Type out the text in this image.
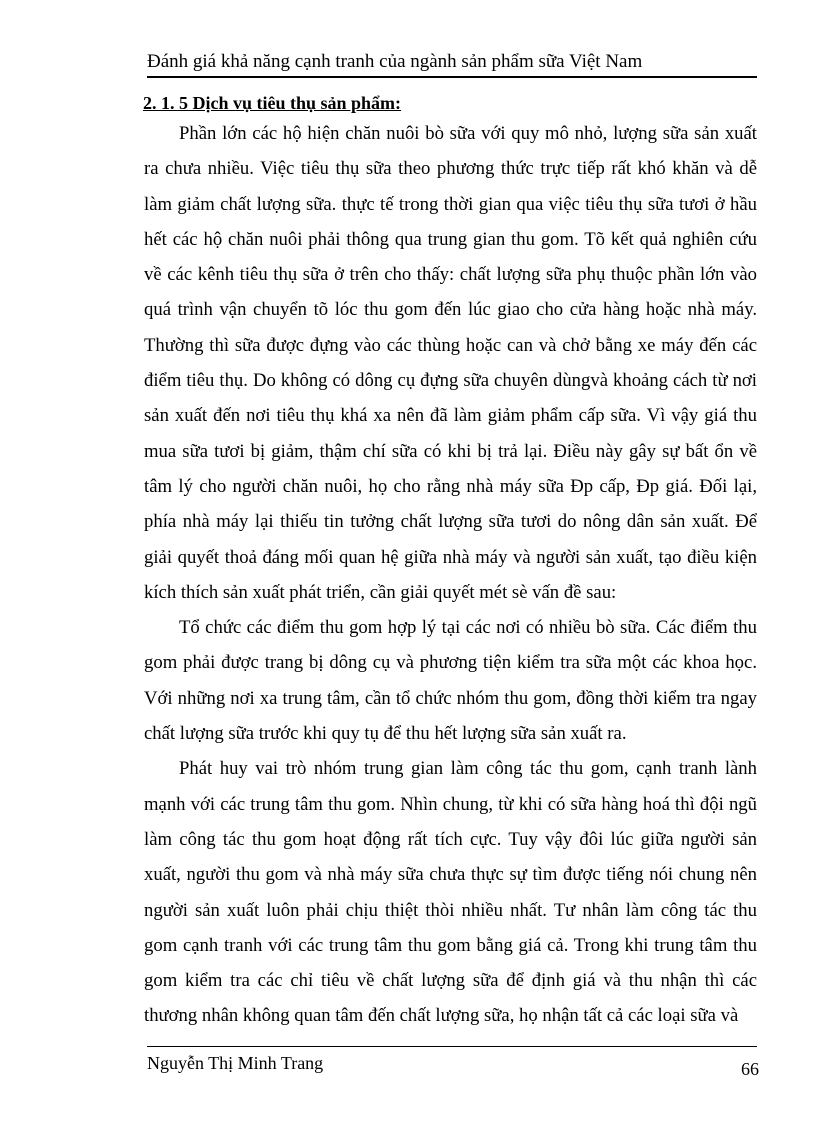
Đánh giá khả năng cạnh tranh của ngành sản phẩm sữa Việt Nam
2. 1. 5 Dịch vụ tiêu thụ sản phẩm:
Phần lớn các hộ hiện chăn nuôi bò sữa với quy mô nhỏ, lượng sữa sản xuất
ra chưa nhiều. Việc tiêu thụ sữa theo phương thức trực tiếp rất khó khăn và dễ
làm giảm chất lượng sữa. thực tế trong thời gian qua việc tiêu thụ sữa tươi ở hầu
hết các hộ chăn nuôi phải thông qua trung gian thu gom. Tõ kết quả nghiên cứu
về các kênh tiêu thụ sữa ở trên cho thấy: chất lượng sữa phụ thuộc phần lớn vào
quá trình vận chuyển tõ lóc thu gom đến lúc giao cho cửa hàng hoặc nhà máy.
Thường thì sữa được đựng vào các thùng hoặc can và chở bằng xe máy đến các
điểm tiêu thụ. Do không có dông cụ đựng sữa chuyên dùngvà khoảng cách từ nơi
sản xuất đến nơi tiêu thụ khá xa nên đã làm giảm phẩm cấp sữa. Vì vậy giá thu
mua sữa tươi bị giảm, thậm chí sữa có khi bị trả lại. Điều này gây sự bất ổn về
tâm lý cho người chăn nuôi, họ cho rằng nhà máy sữa Đp cấp, Đp giá. Đối lại,
phía nhà máy lại thiếu tin tưởng chất lượng sữa tươi do nông dân sản xuất. Để
giải quyết thoả đáng mối quan hệ giữa nhà máy và người sản xuất, tạo điều kiện
kích thích sản xuất phát triển, cần giải quyết mét sè vấn đề sau:
Tổ chức các điểm thu gom hợp lý tại các nơi có nhiều bò sữa. Các điểm thu
gom phải được trang bị dông cụ và phương tiện kiểm tra sữa một các khoa học.
Với những nơi xa trung tâm, cần tổ chức nhóm thu gom, đồng thời kiểm tra ngay
chất lượng sữa trước khi quy tụ để thu hết lượng sữa sản xuất ra.
Phát huy vai trò nhóm trung gian làm công tác thu gom, cạnh tranh lành
mạnh với các trung tâm thu gom. Nhìn chung, từ khi có sữa hàng hoá thì đội ngũ
làm công tác thu gom hoạt động rất tích cực. Tuy vậy đôi lúc giữa người sản
xuất, người thu gom và nhà máy sữa chưa thực sự tìm được tiếng nói chung nên
người sản xuất luôn phải chịu thiệt thòi nhiều nhất. Tư nhân làm công tác thu
gom cạnh tranh với các trung tâm thu gom bằng giá cả. Trong khi trung tâm thu
gom kiểm tra các chỉ tiêu về chất lượng sữa để định giá và thu nhận thì các
thương nhân không quan tâm đến chất lượng sữa, họ nhận tất cả các loại sữa và
Nguyễn Thị Minh Trang	66
